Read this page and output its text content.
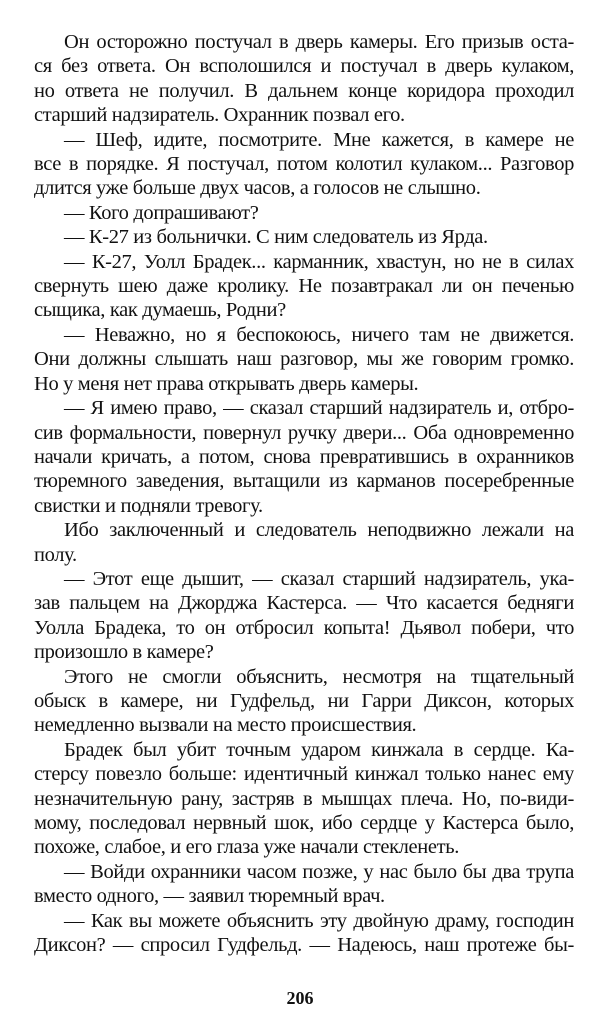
Он осторожно постучал в дверь камеры. Его призыв оста-
ся без ответа. Он всполошился и постучал в дверь кулаком,
но ответа не получил. В дальнем конце коридора проходил
старший надзиратель. Охранник позвал его.
— Шеф, идите, посмотрите. Мне кажется, в камере не
все в порядке. Я постучал, потом колотил кулаком... Разговор
длится уже больше двух часов, а голосов не слышно.
— Кого допрашивают?
— К-27 из больнички. С ним следователь из Ярда.
— К-27, Уолл Брадек... карманник, хвастун, но не в силах
свернуть шею даже кролику. Не позавтракал ли он печенью
сыщика, как думаешь, Родни?
— Неважно, но я беспокоюсь, ничего там не движется.
Они должны слышать наш разговор, мы же говорим громко.
Но у меня нет права открывать дверь камеры.
— Я имею право, — сказал старший надзиратель и, отбро-
сив формальности, повернул ручку двери... Оба одновременно
начали кричать, а потом, снова превратившись в охранников
тюремного заведения, вытащили из карманов посеребренные
свистки и подняли тревогу.
Ибо заключенный и следователь неподвижно лежали на
полу.
— Этот еще дышит, — сказал старший надзиратель, ука-
зав пальцем на Джорджа Кастерса. — Что касается бедняги
Уолла Брадека, то он отбросил копыта! Дьявол побери, что
произошло в камере?
Этого не смогли объяснить, несмотря на тщательный
обыск в камере, ни Гудфельд, ни Гарри Диксон, которых
немедленно вызвали на место происшествия.
Брадек был убит точным ударом кинжала в сердце. Ка-
стерсу повезло больше: идентичный кинжал только нанес ему
незначительную рану, застряв в мышцах плеча. Но, по-види-
мому, последовал нервный шок, ибо сердце у Кастерса было,
похоже, слабое, и его глаза уже начали стекленеть.
— Войди охранники часом позже, у нас было бы два трупа
вместо одного, — заявил тюремный врач.
— Как вы можете объяснить эту двойную драму, господин
Диксон? — спросил Гудфельд. — Надеюсь, наш протеже бы-
206
